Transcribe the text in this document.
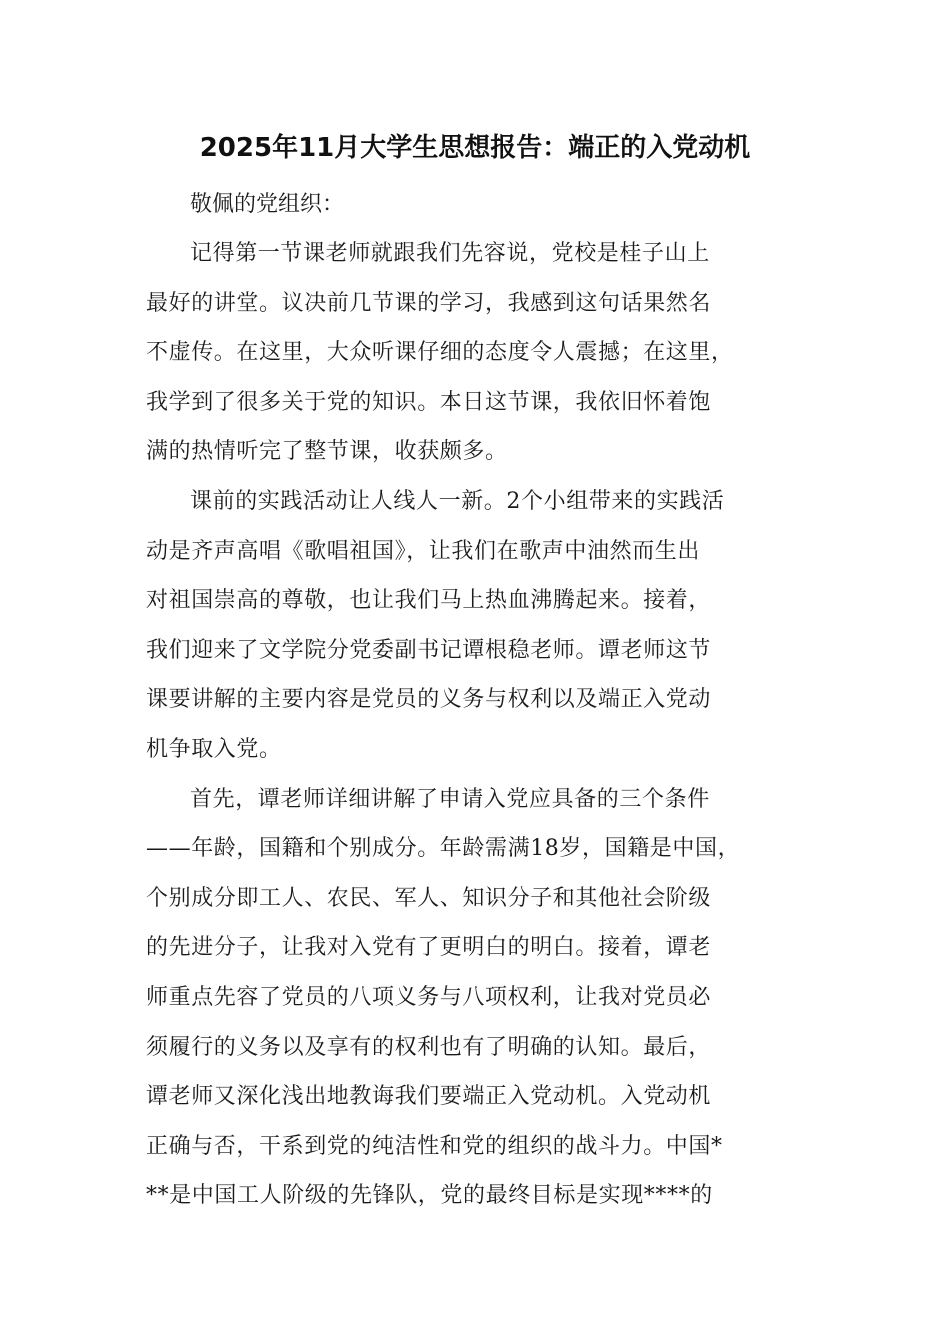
2025年11月大学生思想报告：端正的入党动机

敬佩的党组织：

记得第一节课老师就跟我们先容说，党校是桂子山上
最好的讲堂。议决前几节课的学习，我感到这句话果然名
不虚传。在这里，大众听课仔细的态度令人震撼；在这里，
我学到了很多关于党的知识。本日这节课，我依旧怀着饱
满的热情听完了整节课，收获颇多。
课前的实践活动让人线人一新。2个小组带来的实践活
动是齐声高唱《歌唱祖国》，让我们在歌声中油然而生出
对祖国崇高的尊敬，也让我们马上热血沸腾起来。接着，
我们迎来了文学院分党委副书记谭根稳老师。谭老师这节
课要讲解的主要内容是党员的义务与权利以及端正入党动
机争取入党。
首先，谭老师详细讲解了申请入党应具备的三个条件
——年龄，国籍和个别成分。年龄需满18岁，国籍是中国，
个别成分即工人、农民、军人、知识分子和其他社会阶级
的先进分子，让我对入党有了更明白的明白。接着，谭老
师重点先容了党员的八项义务与八项权利，让我对党员必
须履行的义务以及享有的权利也有了明确的认知。最后，
谭老师又深化浅出地教诲我们要端正入党动机。入党动机
正确与否，干系到党的纯洁性和党的组织的战斗力。中国*
**是中国工人阶级的先锋队，党的最终目标是实现****的
